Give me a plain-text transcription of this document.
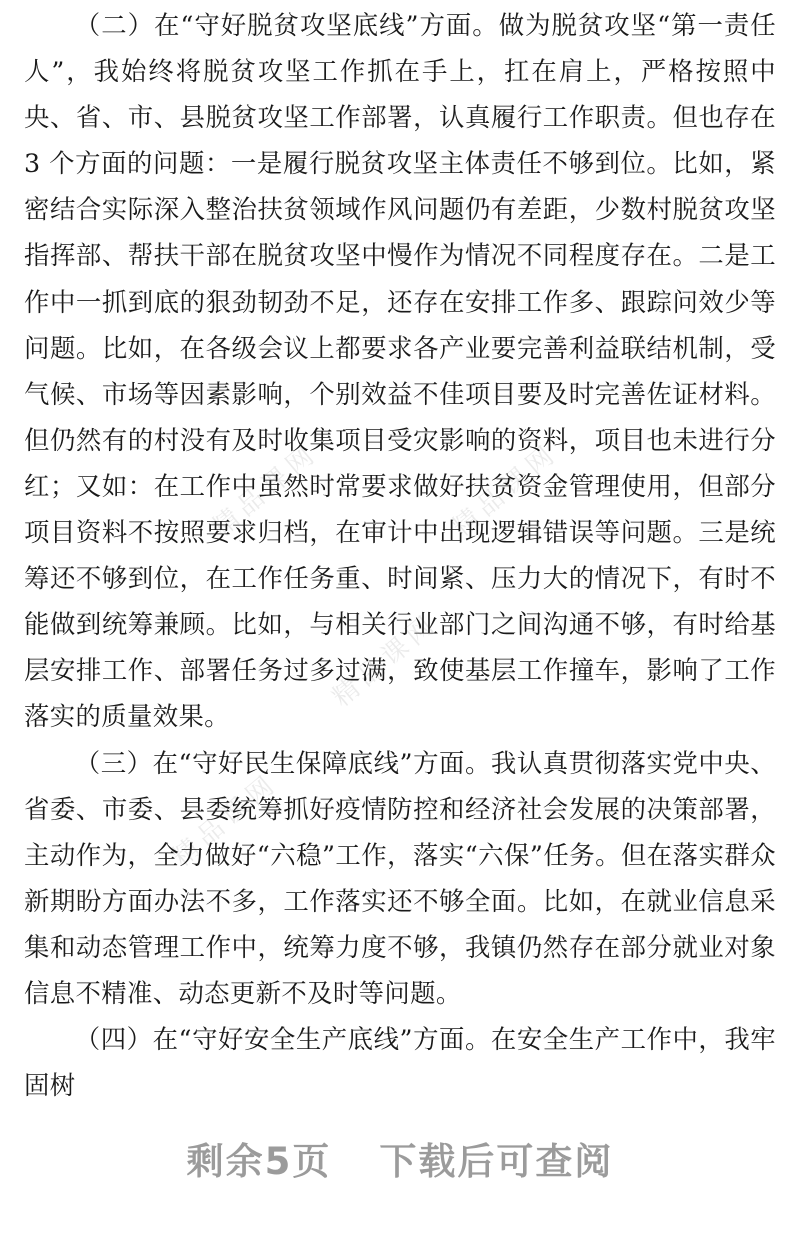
精品课网	精品课网
精品课网
精品课网

（二）在“守好脱贫攻坚底线”方面。做为脱贫攻坚“第一责任人”，我始终将脱贫攻坚工作抓在手上，扛在肩上，严格按照中央、省、市、县脱贫攻坚工作部署，认真履行工作职责。但也存在 3 个方面的问题：一是履行脱贫攻坚主体责任不够到位。比如，紧密结合实际深入整治扶贫领域作风问题仍有差距，少数村脱贫攻坚指挥部、帮扶干部在脱贫攻坚中慢作为情况不同程度存在。二是工作中一抓到底的狠劲韧劲不足，还存在安排工作多、跟踪问效少等问题。比如，在各级会议上都要求各产业要完善利益联结机制，受气候、市场等因素影响，个别效益不佳项目要及时完善佐证材料。但仍然有的村没有及时收集项目受灾影响的资料，项目也未进行分红；又如：在工作中虽然时常要求做好扶贫资金管理使用，但部分项目资料不按照要求归档，在审计中出现逻辑错误等问题。三是统筹还不够到位，在工作任务重、时间紧、压力大的情况下，有时不能做到统筹兼顾。比如，与相关行业部门之间沟通不够，有时给基层安排工作、部署任务过多过满，致使基层工作撞车，影响了工作落实的质量效果。

（三）在“守好民生保障底线”方面。我认真贯彻落实党中央、省委、市委、县委统筹抓好疫情防控和经济社会发展的决策部署，主动作为，全力做好“六稳”工作，落实“六保”任务。但在落实群众新期盼方面办法不多，工作落实还不够全面。比如，在就业信息采集和动态管理工作中，统筹力度不够，我镇仍然存在部分就业对象信息不精准、动态更新不及时等问题。

（四）在“守好安全生产底线”方面。在安全生产工作中，我牢固树

剩余5页 下载后可查阅
